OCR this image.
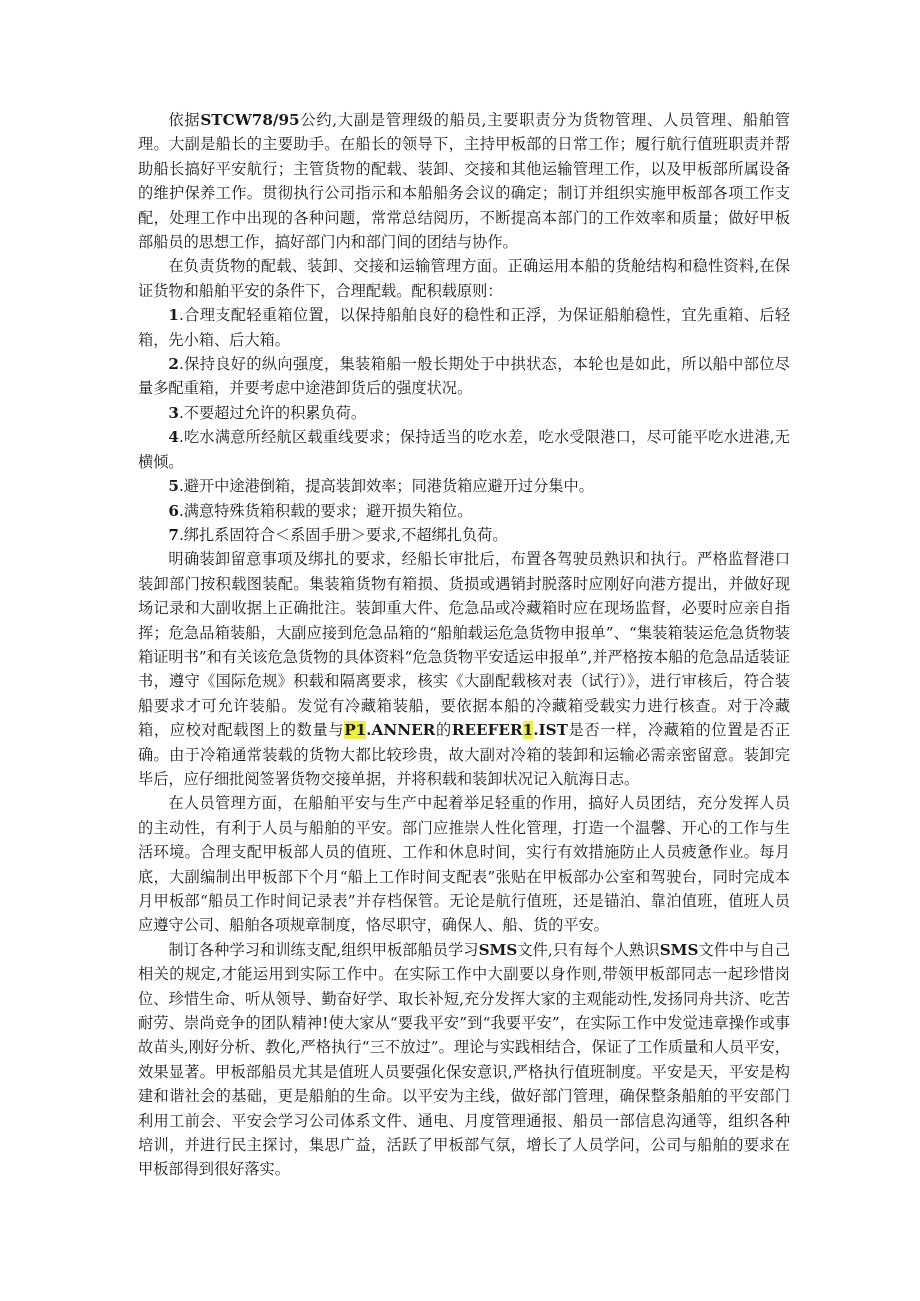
依据STCW78/95公约,大副是管理级的船员,主要职责分为货物管理、人员管理、船舶管理。大副是船长的主要助手。在船长的领导下，主持甲板部的日常工作；履行航行值班职责并帮助船长搞好平安航行；主管货物的配载、装卸、交接和其他运输管理工作，以及甲板部所属设备的维护保养工作。贯彻执行公司指示和本船船务会议的确定；制订并组织实施甲板部各项工作支配，处理工作中出现的各种问题，常常总结阅历，不断提高本部门的工作效率和质量；做好甲板部船员的思想工作，搞好部门内和部门间的团结与协作。

在负责货物的配载、装卸、交接和运输管理方面。正确运用本船的货舱结构和稳性资料,在保证货物和船舶平安的条件下，合理配载。配积载原则：

1.合理支配轻重箱位置，以保持船舶良好的稳性和正浮，为保证船舶稳性，宜先重箱、后轻箱，先小箱、后大箱。

2.保持良好的纵向强度，集装箱船一般长期处于中拱状态，本轮也是如此，所以船中部位尽量多配重箱，并要考虑中途港卸货后的强度状况。

3.不要超过允许的积累负荷。

4.吃水满意所经航区载重线要求；保持适当的吃水差，吃水受限港口，尽可能平吃水进港,无横倾。

5.避开中途港倒箱，提高装卸效率；同港货箱应避开过分集中。

6.满意特殊货箱积载的要求；避开损失箱位。

7.绑扎系固符合＜系固手册＞要求,不超绑扎负荷。

明确装卸留意事项及绑扎的要求，经船长审批后，布置各驾驶员熟识和执行。严格监督港口装卸部门按积载图装配。集装箱货物有箱损、货损或遇销封脱落时应刚好向港方提出，并做好现场记录和大副收据上正确批注。装卸重大件、危急品或冷藏箱时应在现场监督，必要时应亲自指挥；危急品箱装船，大副应接到危急品箱的“船舶载运危急货物申报单”、“集装箱装运危急货物装箱证明书”和有关该危急货物的具体资料“危急货物平安适运申报单”,并严格按本船的危急品适装证书，遵守《国际危规》积载和隔离要求，核实《大副配载核对表（试行）》，进行审核后，符合装船要求才可允许装船。发觉有冷藏箱装船，要依据本船的冷藏箱受载实力进行核查。对于冷藏箱，应校对配载图上的数量与P1.ANNER的REEFER1.IST是否一样，冷藏箱的位置是否正确。由于冷箱通常装载的货物大都比较珍贵，故大副对冷箱的装卸和运输必需亲密留意。装卸完毕后，应仔细批阅签署货物交接单据，并将积载和装卸状况记入航海日志。

在人员管理方面，在船舶平安与生产中起着举足轻重的作用，搞好人员团结，充分发挥人员的主动性，有利于人员与船舶的平安。部门应推崇人性化管理，打造一个温馨、开心的工作与生活环境。合理支配甲板部人员的值班、工作和休息时间，实行有效措施防止人员疲惫作业。每月底，大副编制出甲板部下个月“船上工作时间支配表”张贴在甲板部办公室和驾驶台，同时完成本月甲板部“船员工作时间记录表”并存档保管。无论是航行值班，还是锚泊、靠泊值班，值班人员应遵守公司、船舶各项规章制度，恪尽职守，确保人、船、货的平安。

制订各种学习和训练支配,组织甲板部船员学习SMS文件,只有每个人熟识SMS文件中与自己相关的规定,才能运用到实际工作中。在实际工作中大副要以身作则,带领甲板部同志一起珍惜岗位、珍惜生命、听从领导、勤奋好学、取长补短,充分发挥大家的主观能动性,发扬同舟共济、吃苦耐劳、崇尚竞争的团队精神!使大家从“要我平安”到“我要平安”，在实际工作中发觉违章操作或事故苗头,刚好分析、教化,严格执行“三不放过”。理论与实践相结合，保证了工作质量和人员平安，效果显著。甲板部船员尤其是值班人员要强化保安意识,严格执行值班制度。平安是天，平安是构建和谐社会的基础，更是船舶的生命。以平安为主线，做好部门管理，确保整条船舶的平安部门利用工前会、平安会学习公司体系文件、通电、月度管理通报、船员一部信息沟通等，组织各种培训，并进行民主探讨，集思广益，活跃了甲板部气氛，增长了人员学问，公司与船舶的要求在甲板部得到很好落实。
